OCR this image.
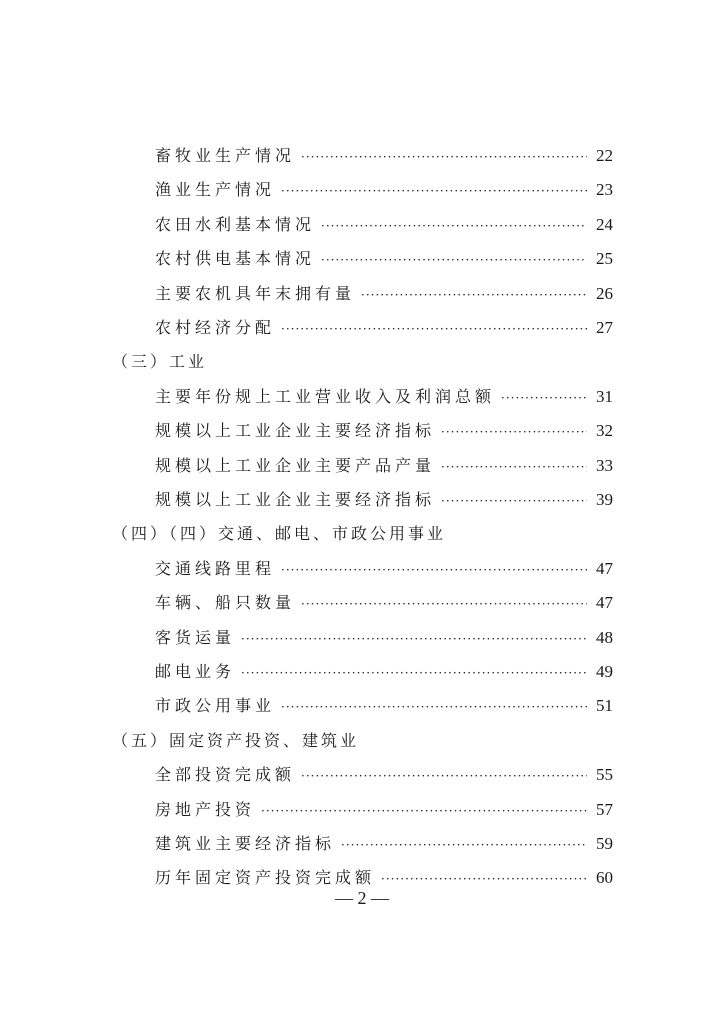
畜牧业生产情况 ·····	22
渔业生产情况 ·····	23
农田水利基本情况 ·····	24
农村供电基本情况 ·····	25
主要农机具年末拥有量 ·····	26
农村经济分配 ·····	27
（三）工业
主要年份规上工业营业收入及利润总额 ·····	31
规模以上工业企业主要经济指标 ·····	32
规模以上工业企业主要产品产量 ·····	33
规模以上工业企业主要经济指标 ·····	39
（四）（四）交通、邮电、市政公用事业
交通线路里程 ·····	47
车辆、船只数量 ·····	47
客货运量 ·····	48
邮电业务 ·····	49
市政公用事业 ·····	51
（五）固定资产投资、建筑业
全部投资完成额 ·····	55
房地产投资 ·····	57
建筑业主要经济指标 ·····	59
历年固定资产投资完成额 ·····	60
— 2 —
